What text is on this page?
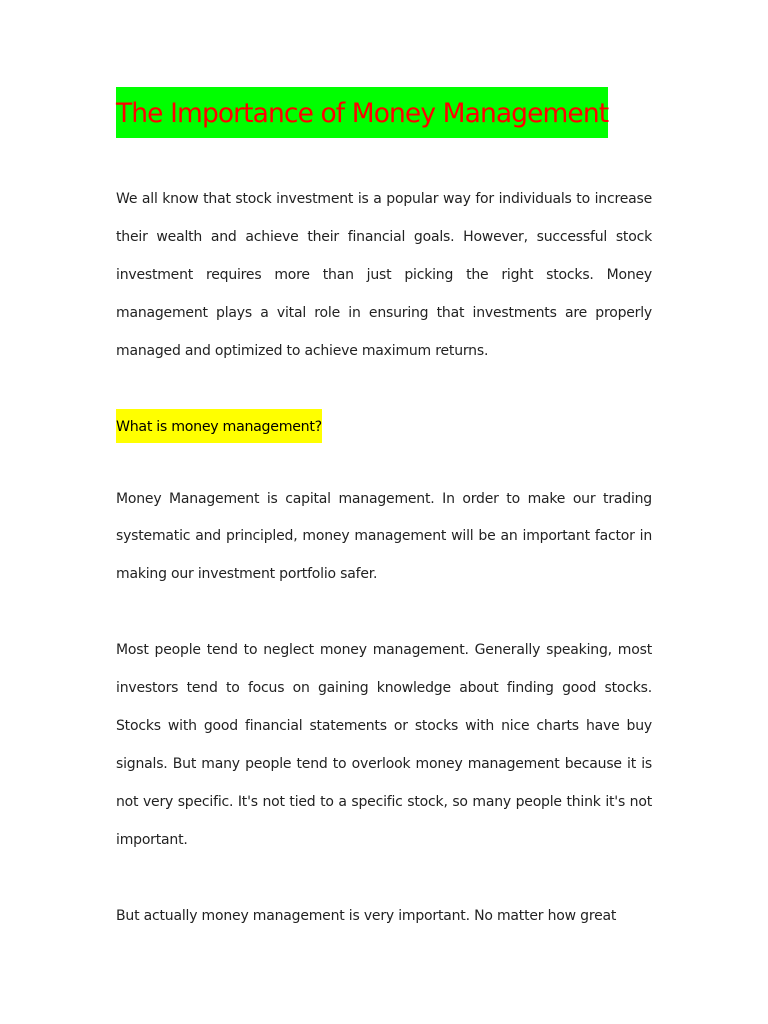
The Importance of Money Management

We all know that stock investment is a popular way for individuals to increase their wealth and achieve their financial goals. However, successful stock investment requires more than just picking the right stocks. Money management plays a vital role in ensuring that investments are properly managed and optimized to achieve maximum returns.

What is money management?

Money Management is capital management. In order to make our trading systematic and principled, money management will be an important factor in making our investment portfolio safer.

Most people tend to neglect money management. Generally speaking, most investors tend to focus on gaining knowledge about finding good stocks. Stocks with good financial statements or stocks with nice charts have buy signals. But many people tend to overlook money management because it is not very specific. It's not tied to a specific stock, so many people think it's not important.

But actually money management is very important. No matter how great
